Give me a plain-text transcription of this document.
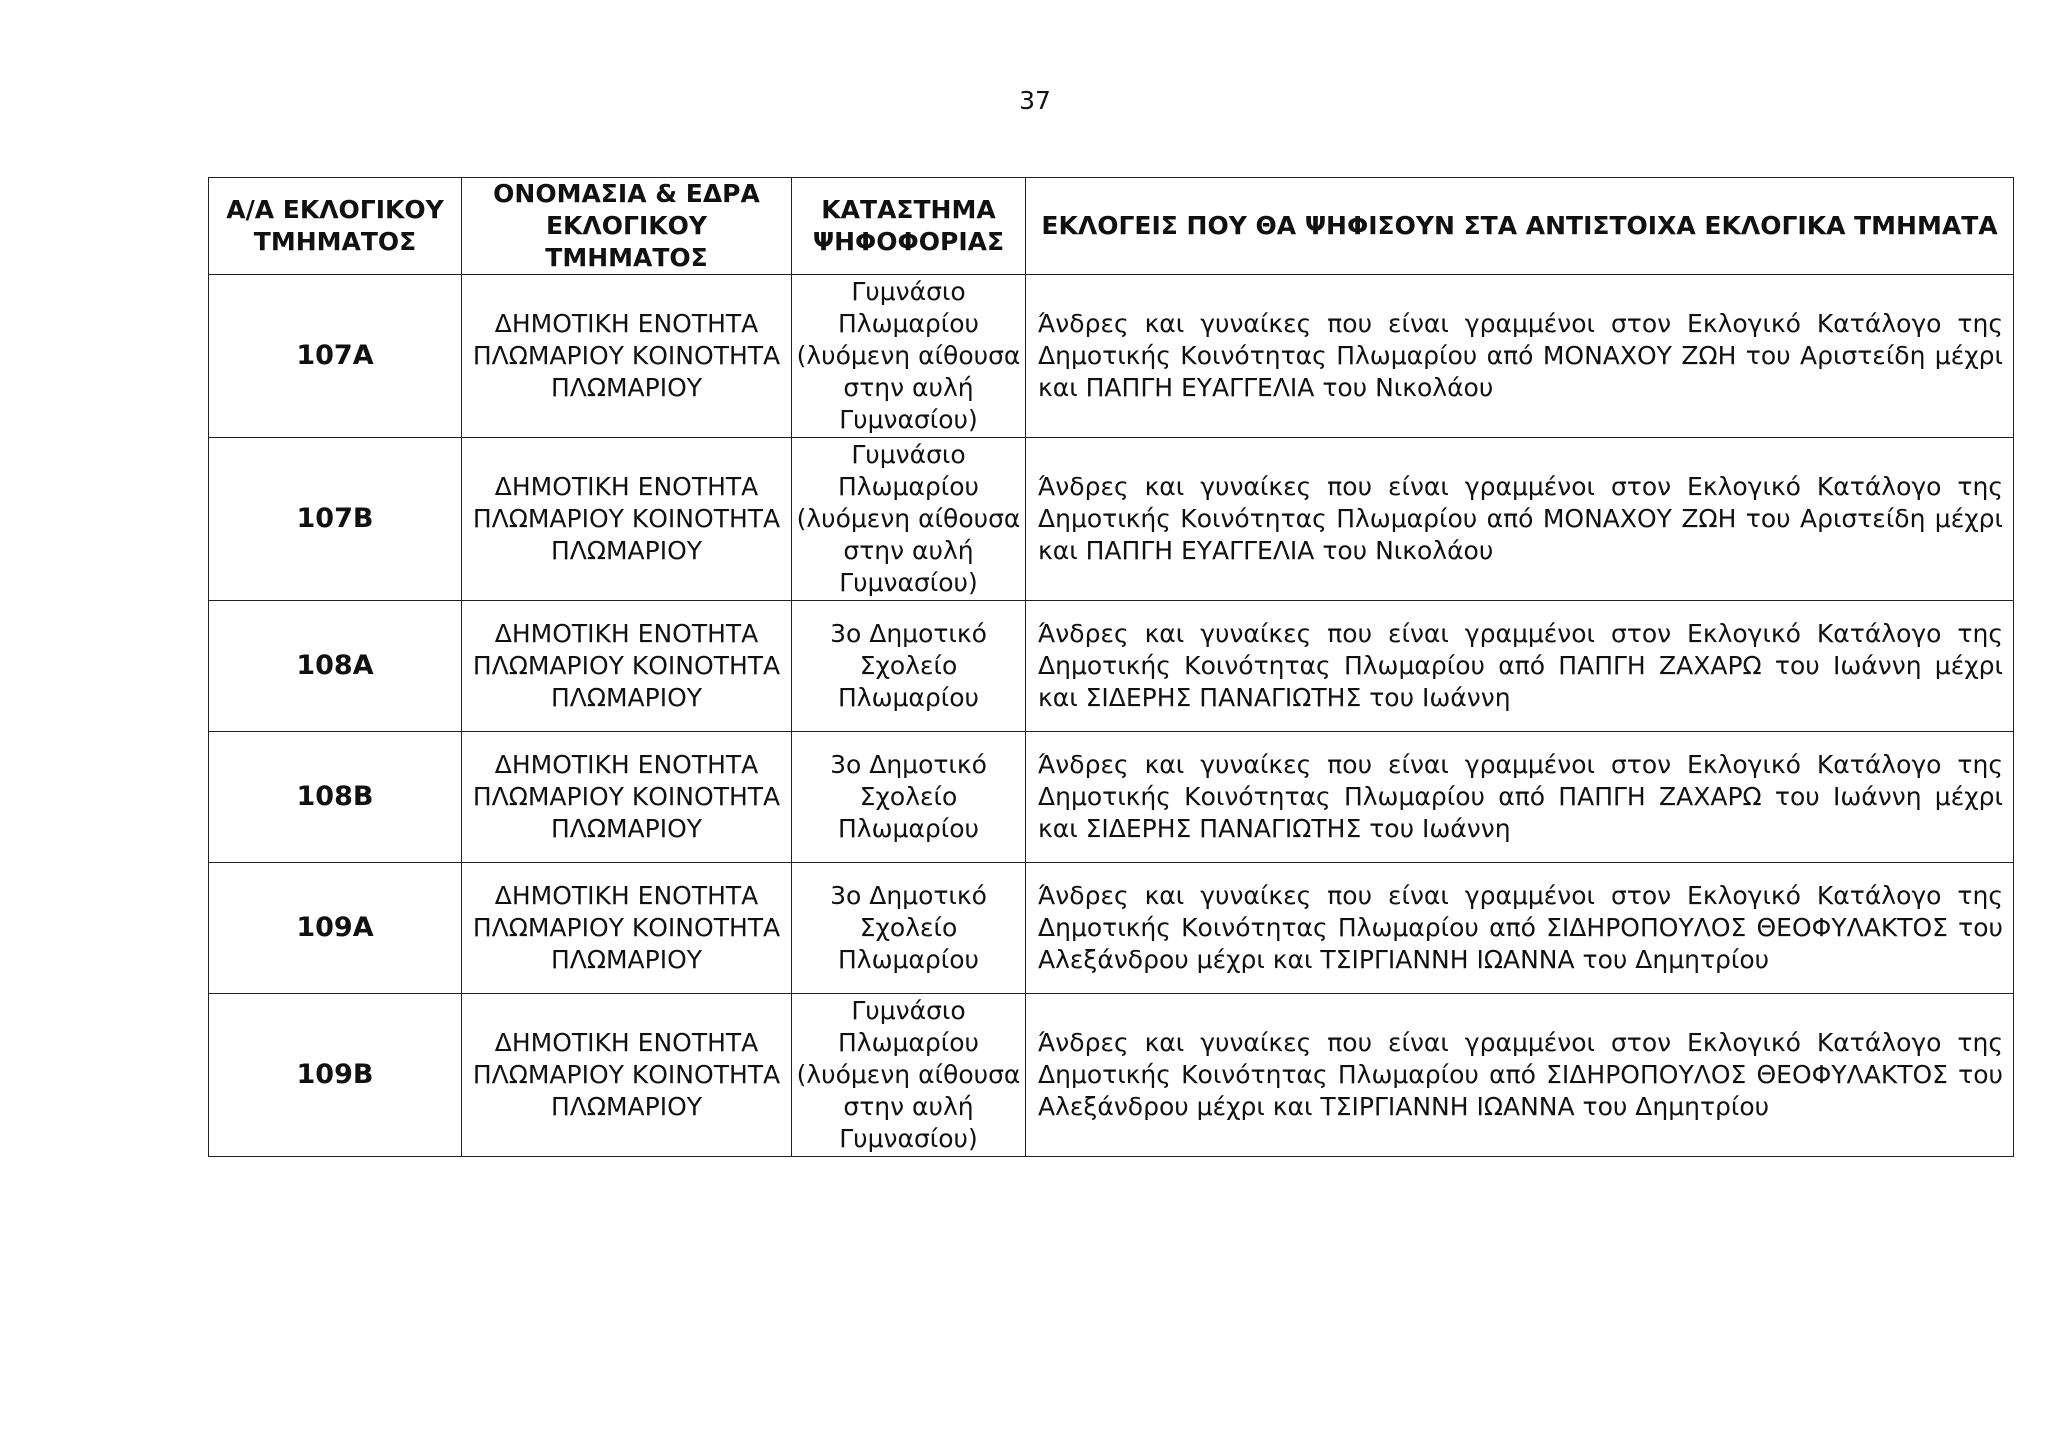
37
Α/Α ΕΚΛΟΓΙΚΟΥ ΤΜΗΜΑΤΟΣ	ΟΝΟΜΑΣΙΑ & ΕΔΡΑ ΕΚΛΟΓΙΚΟΥ ΤΜΗΜΑΤΟΣ	ΚΑΤΑΣΤΗΜΑ ΨΗΦΟΦΟΡΙΑΣ	ΕΚΛΟΓΕΙΣ ΠΟΥ ΘΑ ΨΗΦΙΣΟΥΝ ΣΤΑ ΑΝΤΙΣΤΟΙΧΑ ΕΚΛΟΓΙΚΑ ΤΜΗΜΑΤΑ
107Α	ΔΗΜΟΤΙΚΗ ΕΝΟΤΗΤΑ ΠΛΩΜΑΡΙΟΥ ΚΟΙΝΟΤΗΤΑ ΠΛΩΜΑΡΙΟΥ	Γυμνάσιο Πλωμαρίου (λυόμενη αίθουσα στην αυλή Γυμνασίου)	Άνδρες και γυναίκες που είναι γραμμένοι στον Εκλογικό Κατάλογο της Δημοτικής Κοινότητας Πλωμαρίου από ΜΟΝΑΧΟΥ ΖΩΗ του Αριστείδη μέχρι και ΠΑΠΓΗ ΕΥΑΓΓΕΛΙΑ του Νικολάου
107Β	ΔΗΜΟΤΙΚΗ ΕΝΟΤΗΤΑ ΠΛΩΜΑΡΙΟΥ ΚΟΙΝΟΤΗΤΑ ΠΛΩΜΑΡΙΟΥ	Γυμνάσιο Πλωμαρίου (λυόμενη αίθουσα στην αυλή Γυμνασίου)	Άνδρες και γυναίκες που είναι γραμμένοι στον Εκλογικό Κατάλογο της Δημοτικής Κοινότητας Πλωμαρίου από ΜΟΝΑΧΟΥ ΖΩΗ του Αριστείδη μέχρι και ΠΑΠΓΗ ΕΥΑΓΓΕΛΙΑ του Νικολάου
108Α	ΔΗΜΟΤΙΚΗ ΕΝΟΤΗΤΑ ΠΛΩΜΑΡΙΟΥ ΚΟΙΝΟΤΗΤΑ ΠΛΩΜΑΡΙΟΥ	3ο Δημοτικό Σχολείο Πλωμαρίου	Άνδρες και γυναίκες που είναι γραμμένοι στον Εκλογικό Κατάλογο της Δημοτικής Κοινότητας Πλωμαρίου από ΠΑΠΓΗ ΖΑΧΑΡΩ του Ιωάννη μέχρι και ΣΙΔΕΡΗΣ ΠΑΝΑΓΙΩΤΗΣ του Ιωάννη
108Β	ΔΗΜΟΤΙΚΗ ΕΝΟΤΗΤΑ ΠΛΩΜΑΡΙΟΥ ΚΟΙΝΟΤΗΤΑ ΠΛΩΜΑΡΙΟΥ	3ο Δημοτικό Σχολείο Πλωμαρίου	Άνδρες και γυναίκες που είναι γραμμένοι στον Εκλογικό Κατάλογο της Δημοτικής Κοινότητας Πλωμαρίου από ΠΑΠΓΗ ΖΑΧΑΡΩ του Ιωάννη μέχρι και ΣΙΔΕΡΗΣ ΠΑΝΑΓΙΩΤΗΣ του Ιωάννη
109Α	ΔΗΜΟΤΙΚΗ ΕΝΟΤΗΤΑ ΠΛΩΜΑΡΙΟΥ ΚΟΙΝΟΤΗΤΑ ΠΛΩΜΑΡΙΟΥ	3ο Δημοτικό Σχολείο Πλωμαρίου	Άνδρες και γυναίκες που είναι γραμμένοι στον Εκλογικό Κατάλογο της Δημοτικής Κοινότητας Πλωμαρίου από ΣΙΔΗΡΟΠΟΥΛΟΣ ΘΕΟΦΥΛΑΚΤΟΣ του Αλεξάνδρου μέχρι και ΤΣΙΡΓΙΑΝΝΗ ΙΩΑΝΝΑ του Δημητρίου
109Β	ΔΗΜΟΤΙΚΗ ΕΝΟΤΗΤΑ ΠΛΩΜΑΡΙΟΥ ΚΟΙΝΟΤΗΤΑ ΠΛΩΜΑΡΙΟΥ	Γυμνάσιο Πλωμαρίου (λυόμενη αίθουσα στην αυλή Γυμνασίου)	Άνδρες και γυναίκες που είναι γραμμένοι στον Εκλογικό Κατάλογο της Δημοτικής Κοινότητας Πλωμαρίου από ΣΙΔΗΡΟΠΟΥΛΟΣ ΘΕΟΦΥΛΑΚΤΟΣ του Αλεξάνδρου μέχρι και ΤΣΙΡΓΙΑΝΝΗ ΙΩΑΝΝΑ του Δημητρίου
